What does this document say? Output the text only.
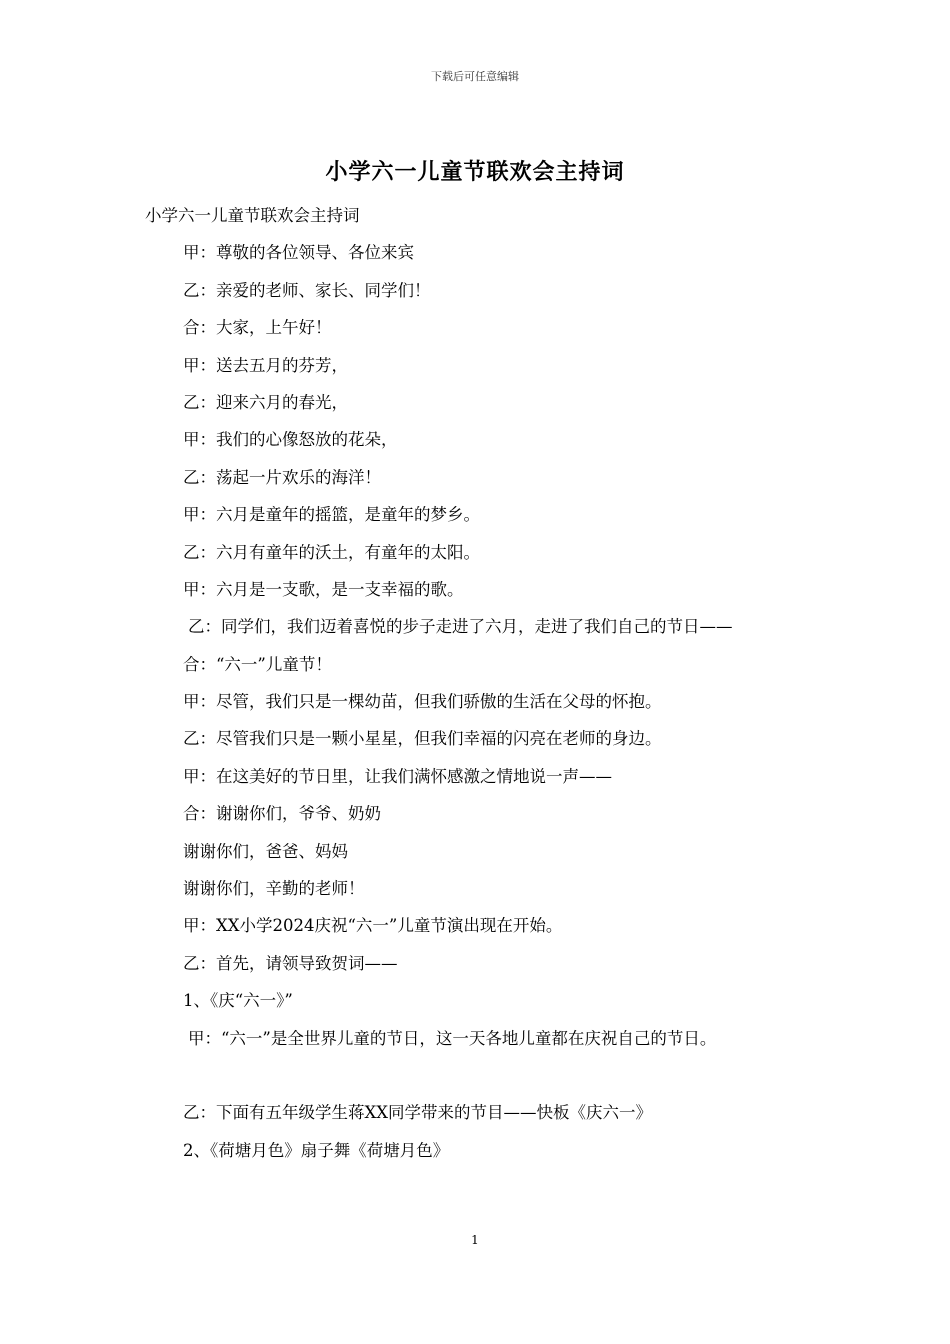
下载后可任意编辑
小学六一儿童节联欢会主持词
小学六一儿童节联欢会主持词
甲：尊敬的各位领导、各位来宾
乙：亲爱的老师、家长、同学们！
合：大家，上午好！
甲：送去五月的芬芳，
乙：迎来六月的春光，
甲：我们的心像怒放的花朵，
乙：荡起一片欢乐的海洋！
甲：六月是童年的摇篮，是童年的梦乡。
乙：六月有童年的沃土，有童年的太阳。
甲：六月是一支歌，是一支幸福的歌。
乙：同学们，我们迈着喜悦的步子走进了六月，走进了我们自己的节日——
合：“六一”儿童节！
甲：尽管，我们只是一棵幼苗，但我们骄傲的生活在父母的怀抱。
乙：尽管我们只是一颗小星星，但我们幸福的闪亮在老师的身边。
甲：在这美好的节日里，让我们满怀感激之情地说一声——
合：谢谢你们，爷爷、奶奶
谢谢你们，爸爸、妈妈
谢谢你们，辛勤的老师！
甲：XX小学2024庆祝“六一”儿童节演出现在开始。
乙：首先，请领导致贺词——
1、《庆“六一》”
甲：“六一”是全世界儿童的节日，这一天各地儿童都在庆祝自己的节日。
乙：下面有五年级学生蒋XX同学带来的节目——快板《庆六一》
2、《荷塘月色》扇子舞《荷塘月色》
1
